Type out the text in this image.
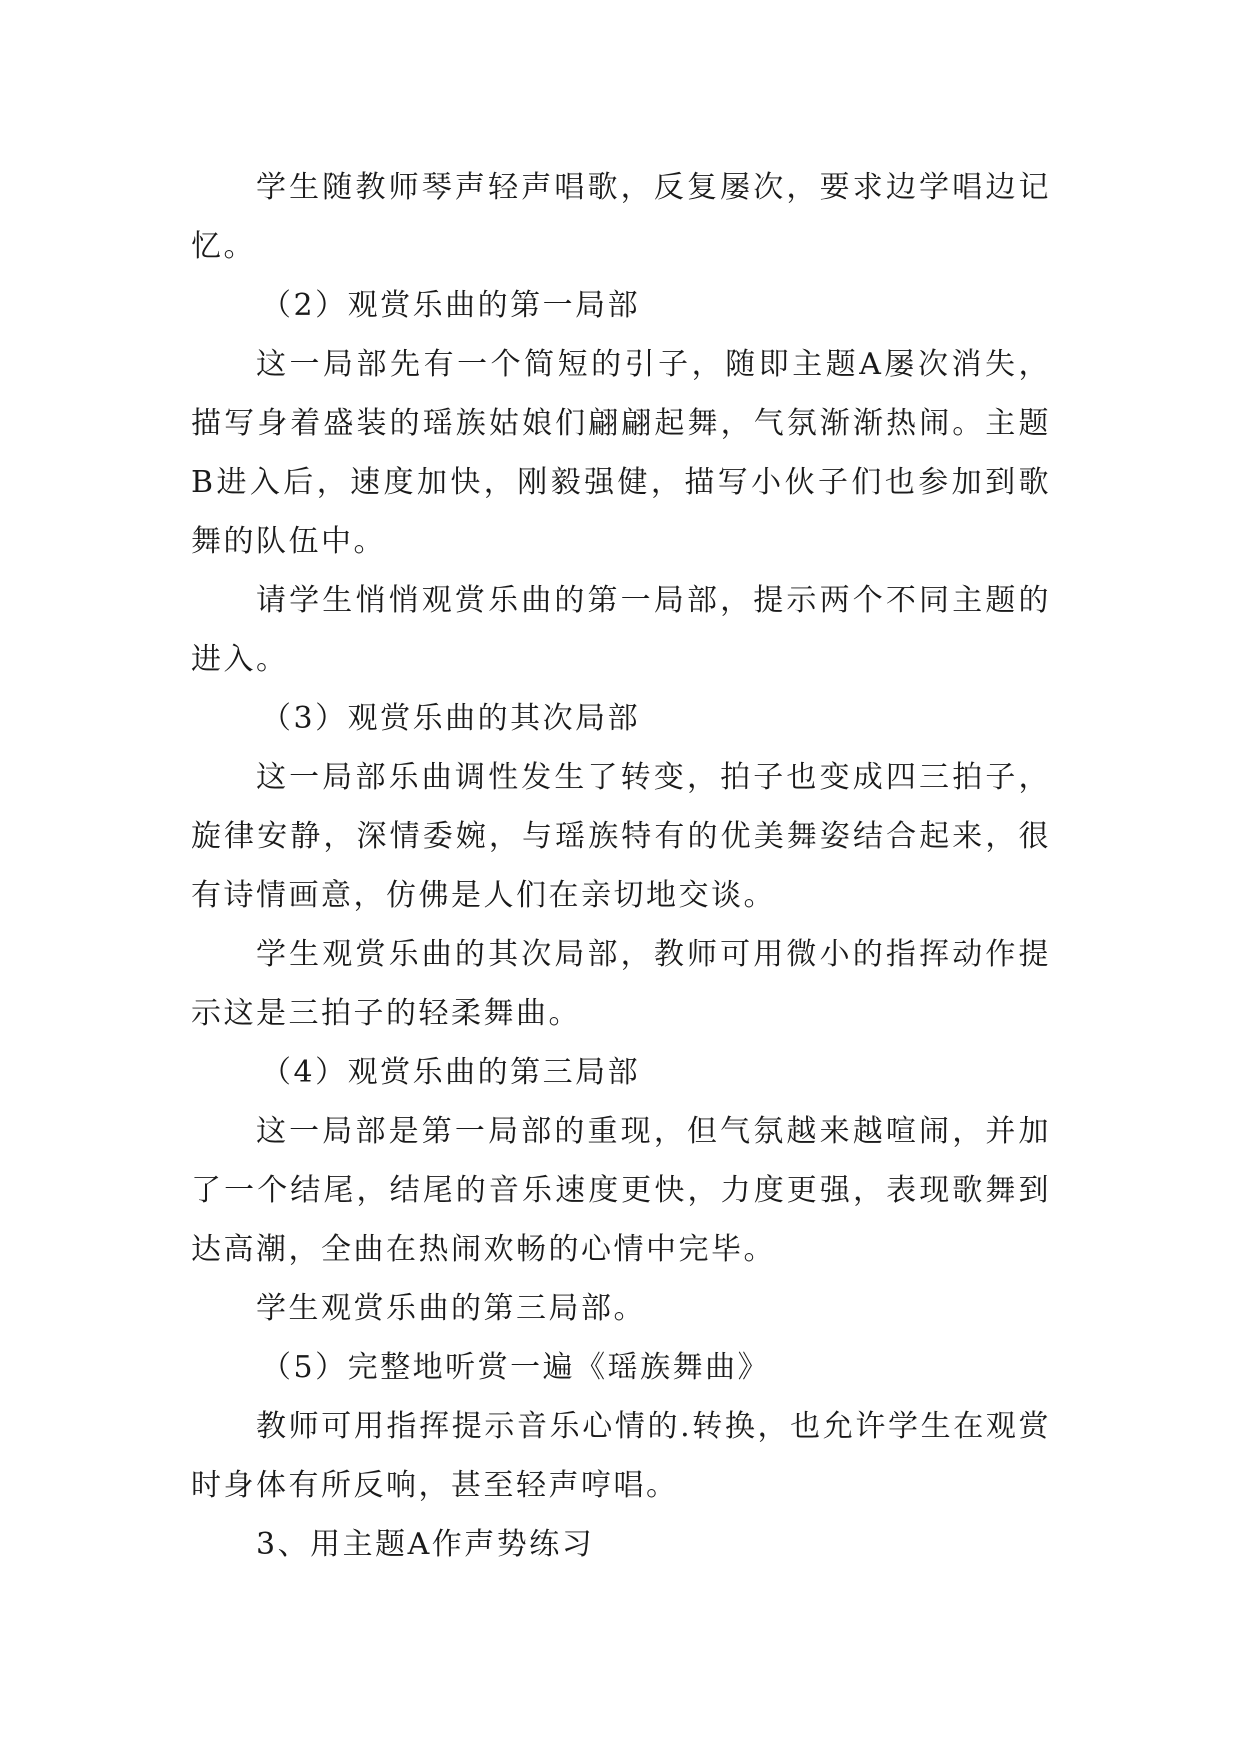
学生随教师琴声轻声唱歌，反复屡次，要求边学唱边记忆。

（2）观赏乐曲的第一局部

这一局部先有一个简短的引子，随即主题A屡次消失，描写身着盛装的瑶族姑娘们翩翩起舞，气氛渐渐热闹。主题B进入后，速度加快，刚毅强健，描写小伙子们也参加到歌舞的队伍中。

请学生悄悄观赏乐曲的第一局部，提示两个不同主题的进入。

（3）观赏乐曲的其次局部

这一局部乐曲调性发生了转变，拍子也变成四三拍子，旋律安静，深情委婉，与瑶族特有的优美舞姿结合起来，很有诗情画意，仿佛是人们在亲切地交谈。

学生观赏乐曲的其次局部，教师可用微小的指挥动作提示这是三拍子的轻柔舞曲。

（4）观赏乐曲的第三局部

这一局部是第一局部的重现，但气氛越来越喧闹，并加了一个结尾，结尾的音乐速度更快，力度更强，表现歌舞到达高潮，全曲在热闹欢畅的心情中完毕。

学生观赏乐曲的第三局部。

（5）完整地听赏一遍《瑶族舞曲》

教师可用指挥提示音乐心情的.转换，也允许学生在观赏时身体有所反响，甚至轻声哼唱。

3、用主题A作声势练习
